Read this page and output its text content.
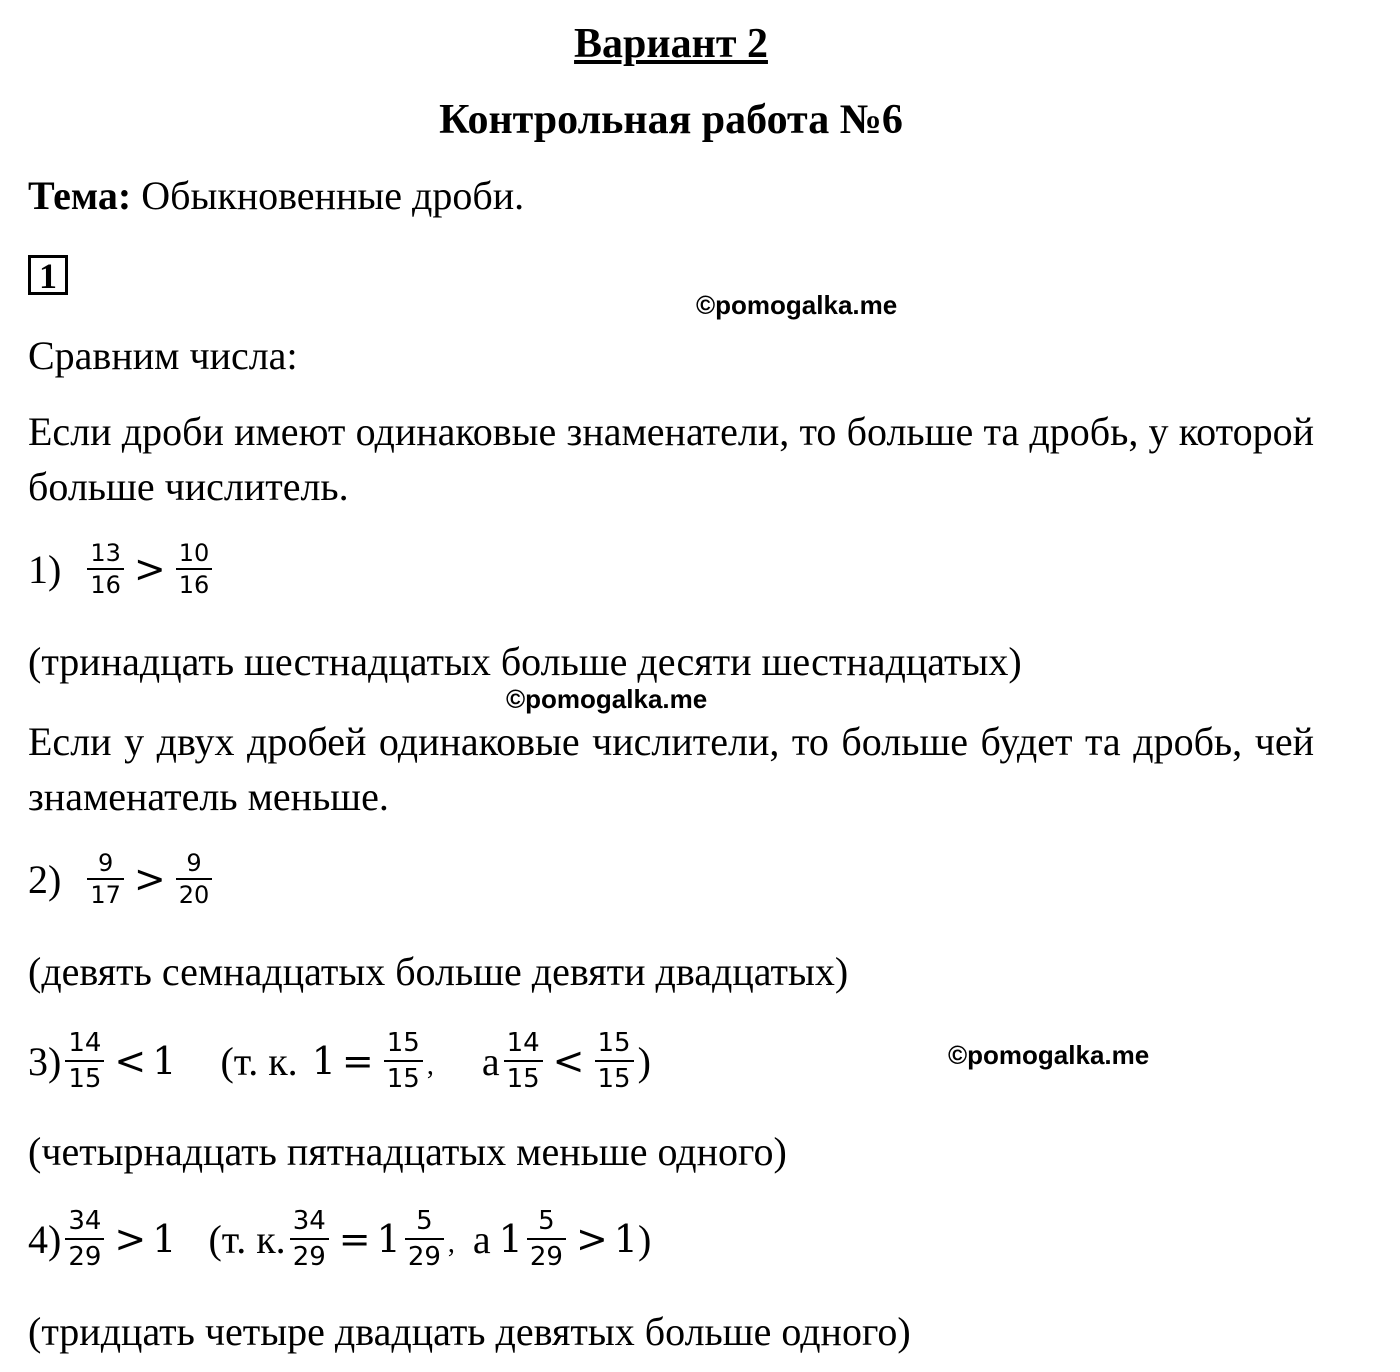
Вариант 2
Контрольная работа №6
Тема: Обыкновенные дроби.
1
©pomogalka.me
Сравним числа:
Если дроби имеют одинаковые знаменатели, то больше та дробь, у которой больше числитель.
$1) \frac{13}{16} > \frac{10}{16}$
(тринадцать шестнадцатых больше десяти шестнадцатых)
©pomogalka.me
Если у двух дробей одинаковые числители, то больше будет та дробь, чей знаменатель меньше.
$2) \frac{9}{17} > \frac{9}{20}$
(девять семнадцатых больше девяти двадцатых)
$3) \frac{14}{15} < 1$ (т. к. $1 = \frac{15}{15}$ , а $\frac{14}{15} < \frac{15}{15}$ )	©pomogalka.me
(четырнадцать пятнадцатых меньше одного)
$4) \frac{34}{29} > 1$ (т. к. $\frac{34}{29} = 1 \frac{5}{29}$ , а $1 \frac{5}{29} > 1$ )
(тридцать четыре двадцать девятых больше одного)
